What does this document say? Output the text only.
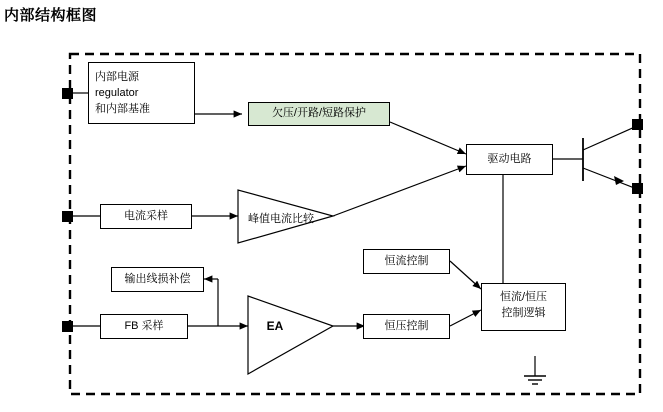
内部结构框图
内部电源
regulator
和内部基准	欠压/开路/短路保护
驱动电路
电流采样	峰值电流比较
输出线损补偿
FB 采样	EA
恒流控制
恒压控制
恒流/恒压
控制逻辑
